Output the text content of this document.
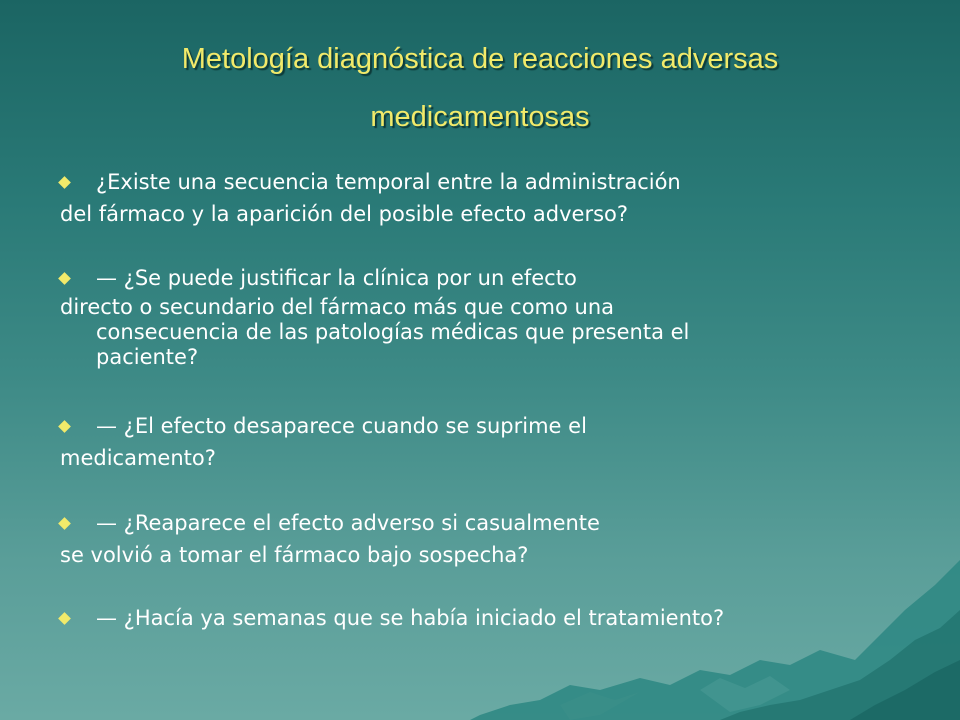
Metología diagnóstica de reacciones adversas
medicamentosas
¿Existe una secuencia temporal entre la administración
del fármaco y la aparición del posible efecto adverso?
— ¿Se puede justificar la clínica por un efecto
directo o secundario del fármaco más que como una
consecuencia de las patologías médicas que presenta el
paciente?
— ¿El efecto desaparece cuando se suprime el
medicamento?
— ¿Reaparece el efecto adverso si casualmente
se volvió a tomar el fármaco bajo sospecha?
— ¿Hacía ya semanas que se había iniciado el tratamiento?
